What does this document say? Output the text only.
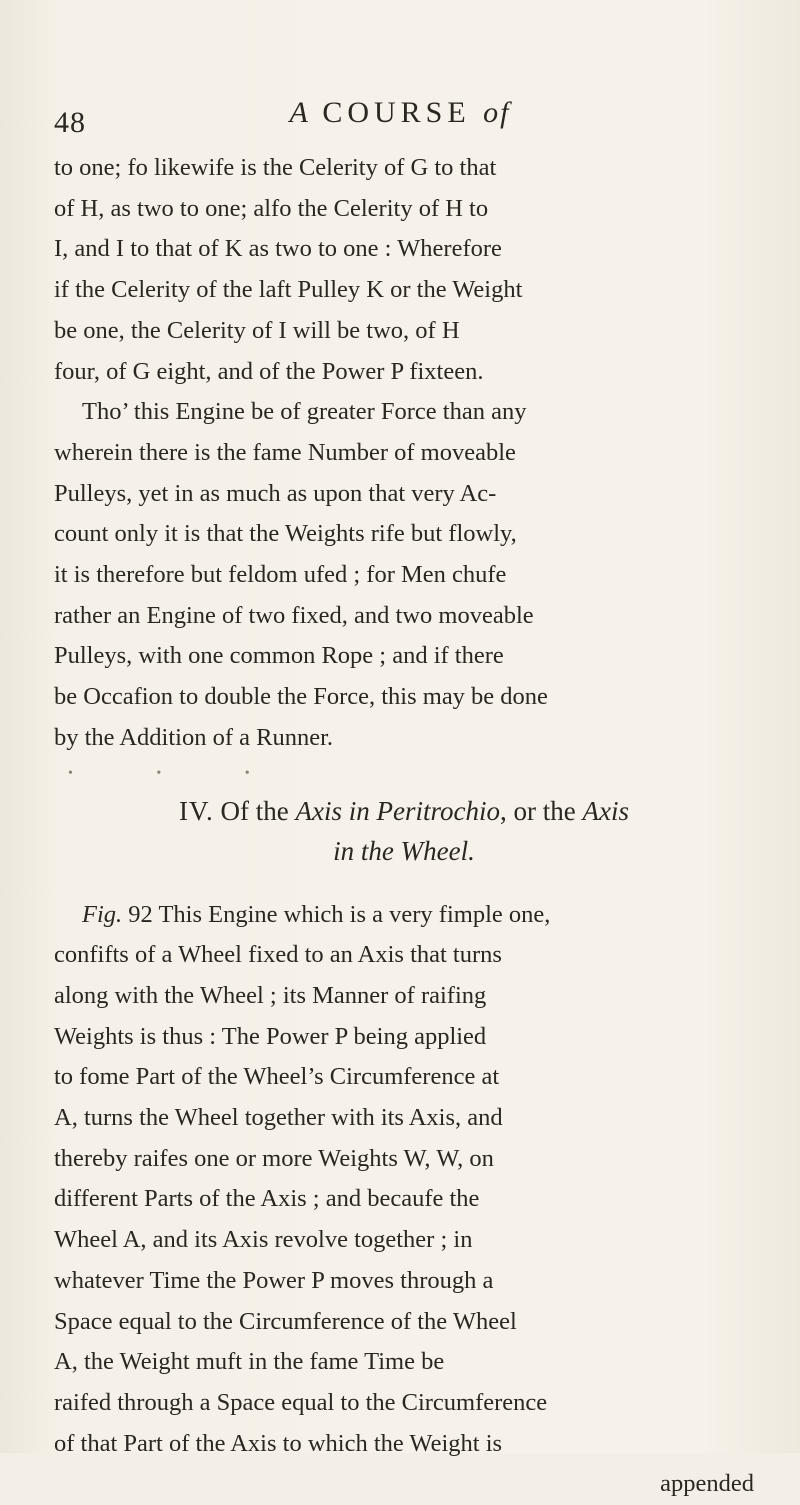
48	A COURSE of

to one; fo likewife is the Celerity of G to that

of H, as two to one; alfo the Celerity of H to

I, and I to that of K as two to one : Wherefore

if the Celerity of the laft Pulley K or the Weight

be one, the Celerity of I will be two, of H

four, of G eight, and of the Power P fixteen.

Tho’ this Engine be of greater Force than any

wherein there is the fame Number of moveable

Pulleys, yet in as much as upon that very Ac-

count only it is that the Weights rife but flowly,

it is therefore but feldom ufed ; for Men chufe

rather an Engine of two fixed, and two moveable

Pulleys, with one common Rope ; and if there

be Occafion to double the Force, this may be done

by the Addition of a Runner.

• • •
IV. Of the Axis in Peritrochio, or the Axis
in the Wheel.

Fig. 92 This Engine which is a very fimple one,

confifts of a Wheel fixed to an Axis that turns

along with the Wheel ; its Manner of raifing

Weights is thus : The Power P being applied

to fome Part of the Wheel’s Circumference at

A, turns the Wheel together with its Axis, and

thereby raifes one or more Weights W, W, on

different Parts of the Axis ; and becaufe the

Wheel A, and its Axis revolve together ; in

whatever Time the Power P moves through a

Space equal to the Circumference of the Wheel

A, the Weight muft in the fame Time be

raifed through a Space equal to the Circumference

of that Part of the Axis to which the Weight is

appended
